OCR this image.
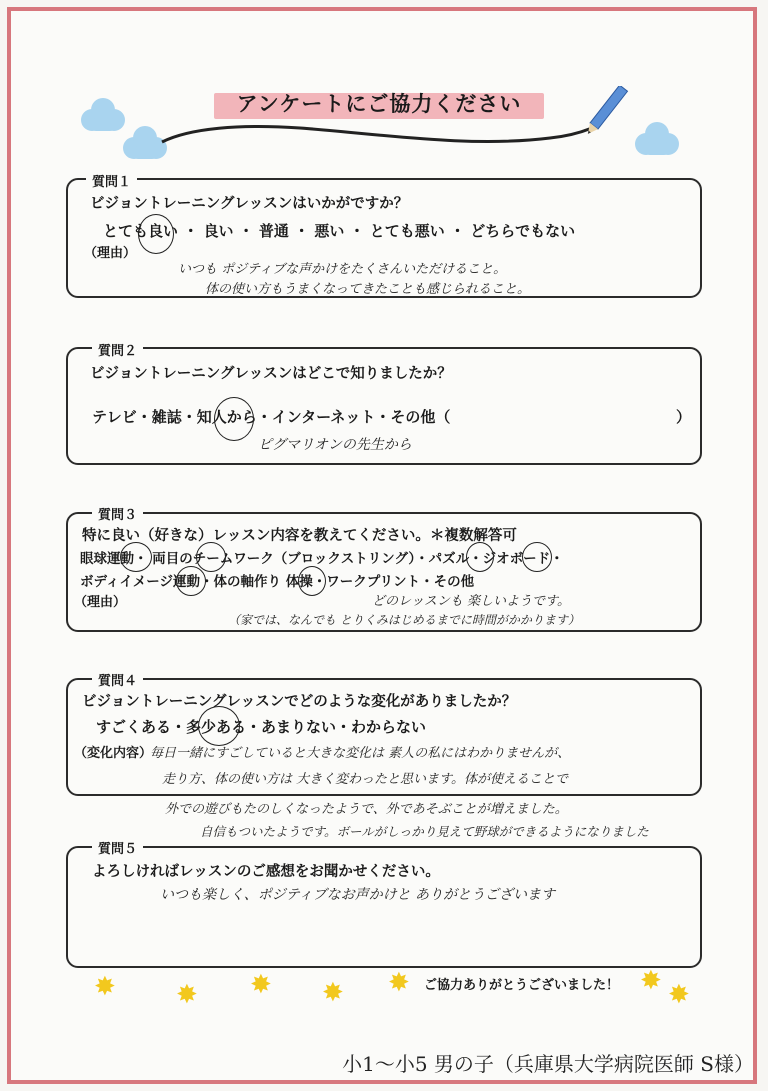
アンケートにご協力ください
質問１
ビジョントレーニングレッスンはいかがですか？
とても良い ・ 良い ・ 普通 ・ 悪い ・ とても悪い ・ どちらでもない
（理由）
いつも ポジティブな声かけをたくさんいただけること。
体の使い方もうまくなってきたことも感じられること。
質問２
ビジョントレーニングレッスンはどこで知りましたか？
テレビ・雑誌・知人から・インターネット・その他（	）
ピグマリオンの先生から
質問３
特に良い（好きな）レッスン内容を教えてください。＊複数解答可
眼球運動・ 両目のチームワーク（ブロックストリング）・パズル・ジオボード・
ボディイメージ運動・体の軸作り 体操・ワークプリント・その他
（理由）	どのレッスンも 楽しいようです。
（家では、なんでも とりくみはじめるまでに時間がかかります）
質問４
ビジョントレーニングレッスンでどのような変化がありましたか？
すごくある・多少ある・あまりない・わからない
（変化内容）
毎日一緒にすごしていると大きな変化は 素人の私にはわかりませんが、
走り方、体の使い方は 大きく変わったと思います。体が使えることで
外での遊びもたのしくなったようで、外であそぶことが増えました。
自信もついたようです。ボールがしっかり見えて野球ができるようになりました
質問５
よろしければレッスンのご感想をお聞かせください。
いつも楽しく、ポジティブなお声かけと ありがとうございます
✸ ✸ ✸ ✸ ✸	✸ ✸
ご協力ありがとうございました！
小1〜小5 男の子（兵庫県大学病院医師 S様）
